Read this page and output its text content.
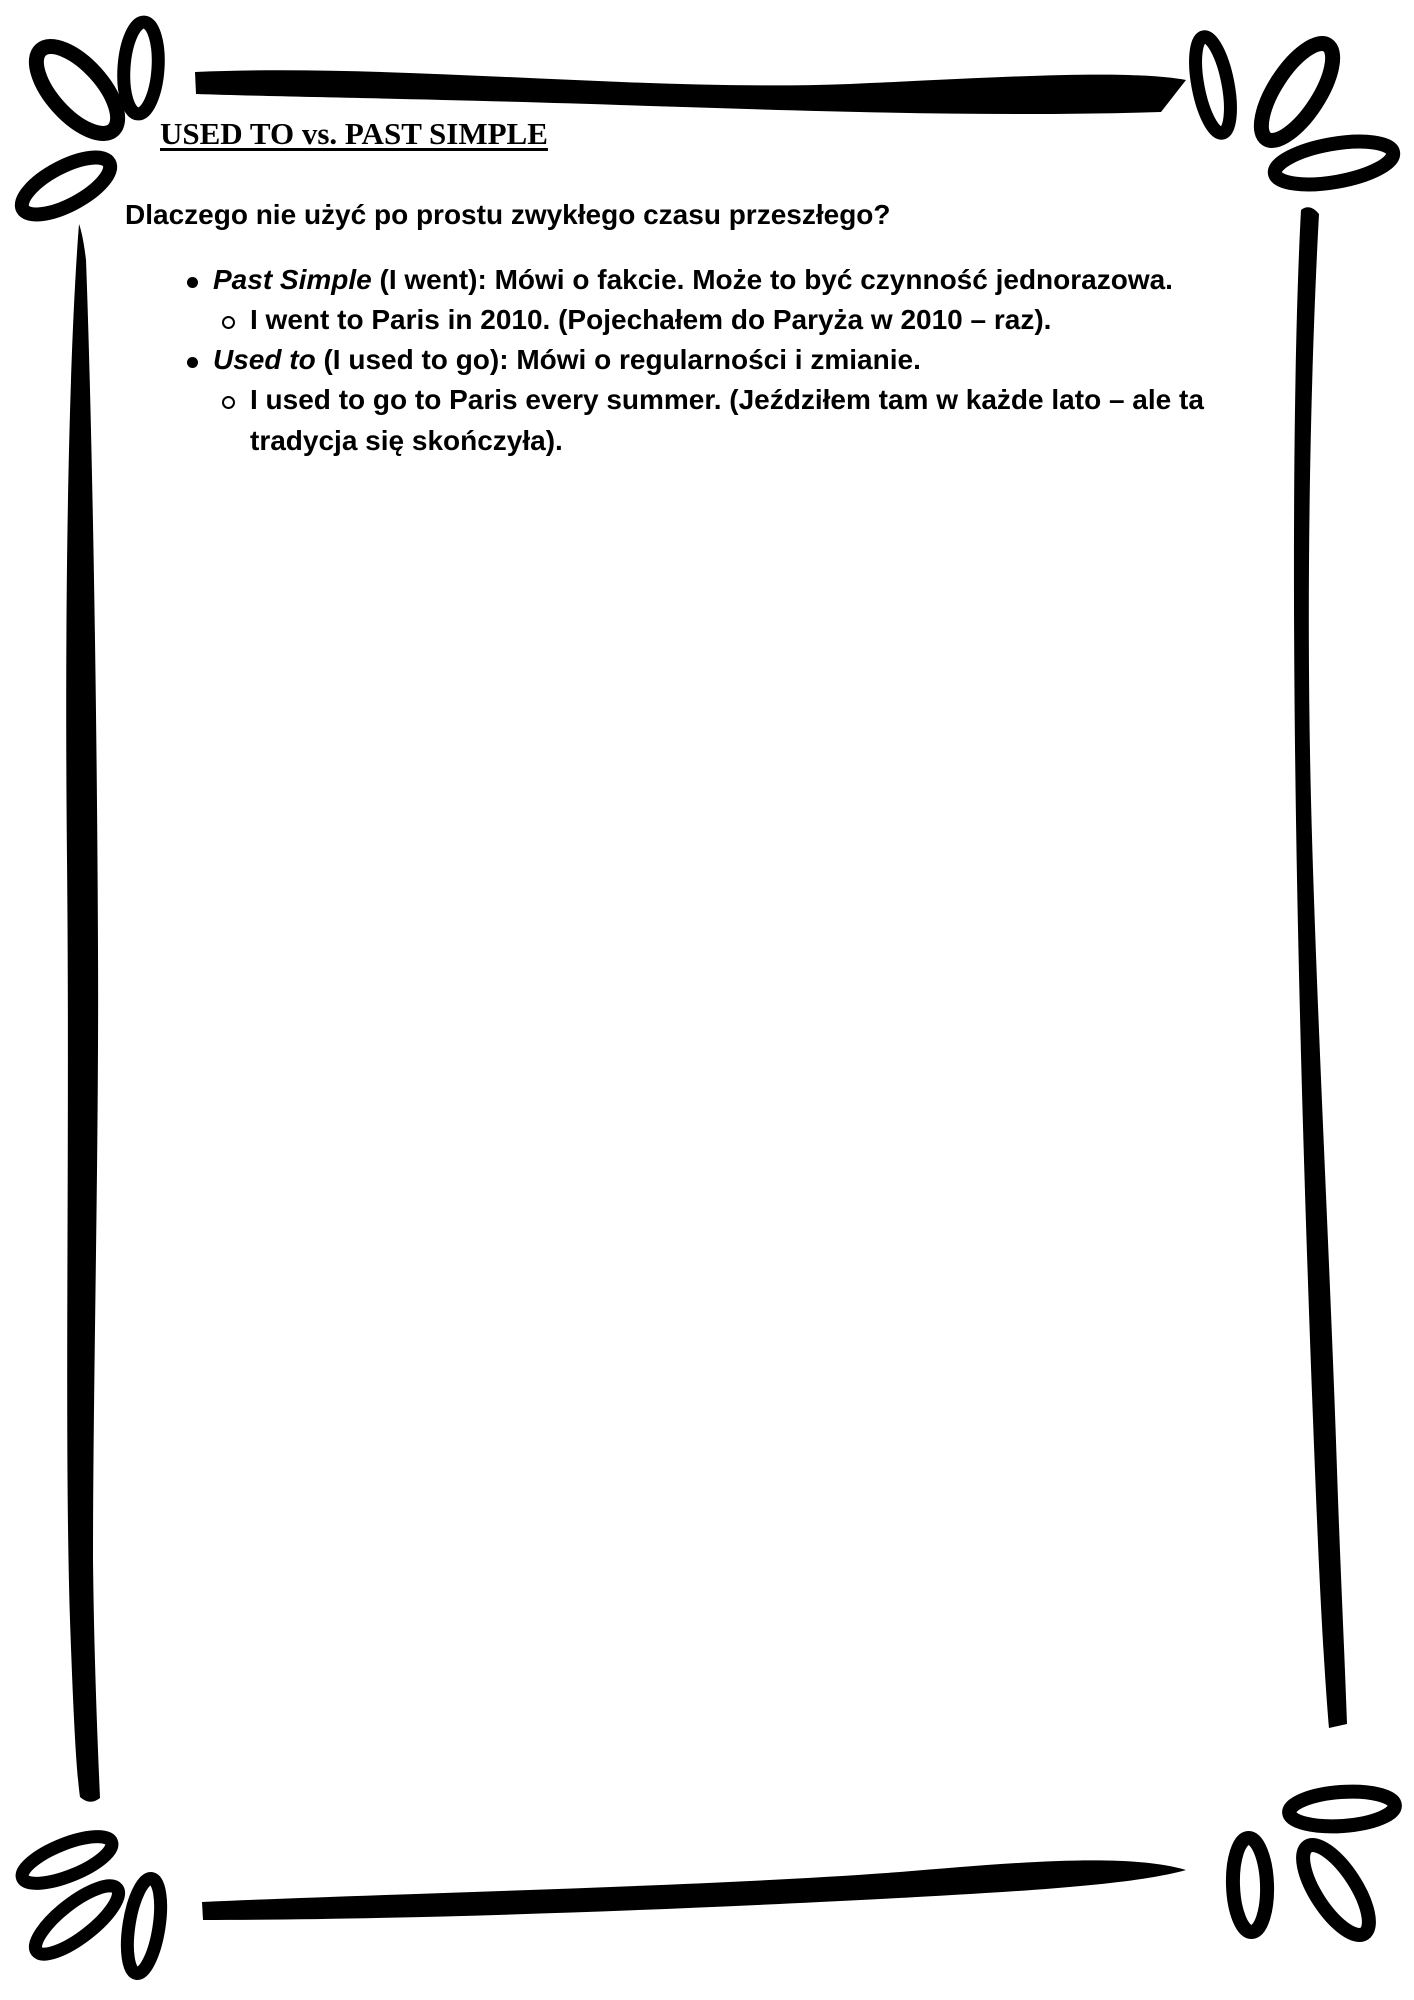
USED TO vs. PAST SIMPLE
Dlaczego nie użyć po prostu zwykłego czasu przeszłego?
Past Simple (I went): Mówi o fakcie. Może to być czynność jednorazowa.
I went to Paris in 2010. (Pojechałem do Paryża w 2010 – raz).
Used to (I used to go): Mówi o regularności i zmianie.
I used to go to Paris every summer. (Jeździłem tam w każde lato – ale ta
tradycja się skończyła).
